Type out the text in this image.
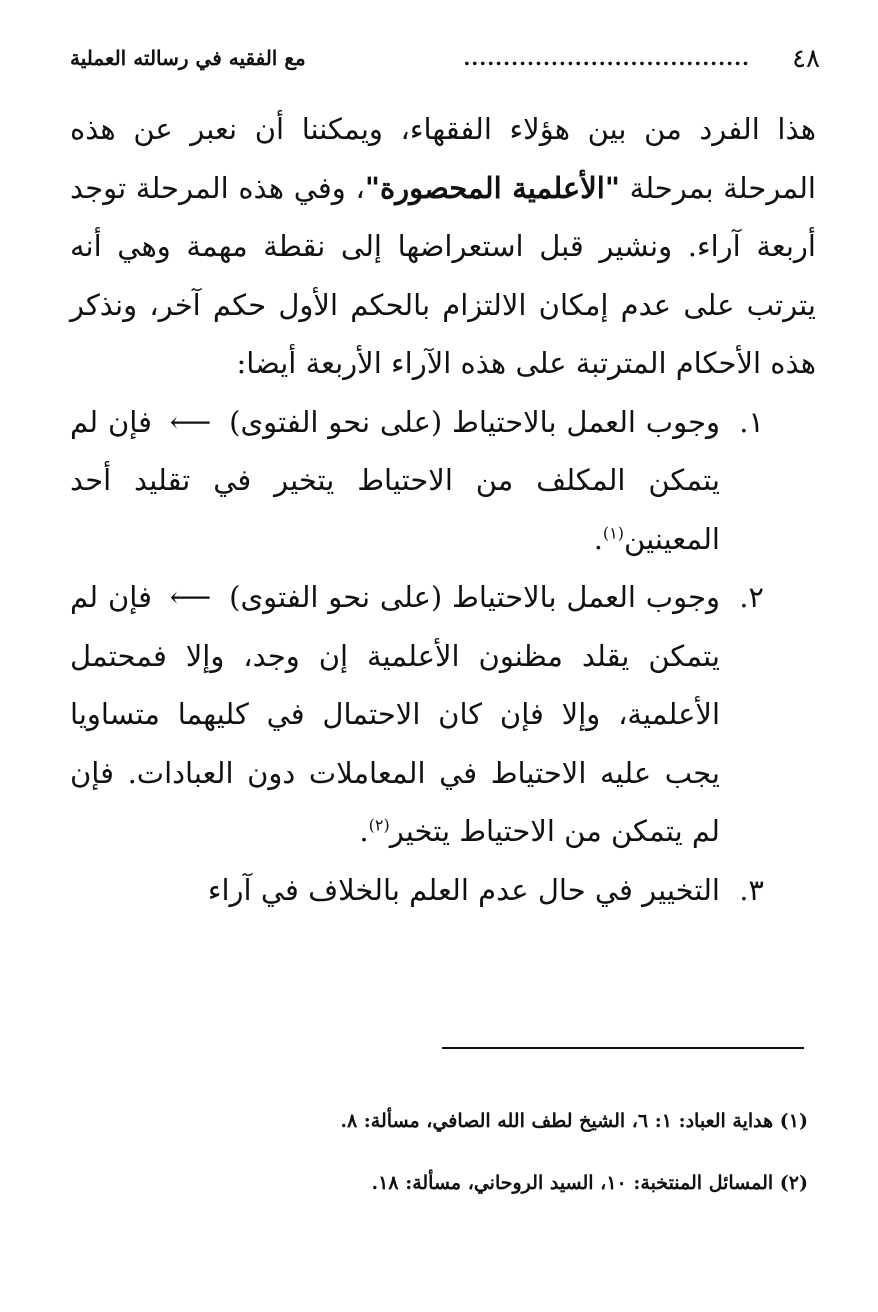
٤٨
....................................
مع الفقيه في رسالته العملية

هذا الفرد من بين هؤلاء الفقهاء، ويمكننا أن نعبر عن هذه المرحلة بمرحلة "الأعلمية المحصورة"، وفي هذه المرحلة توجد أربعة آراء. ونشير قبل استعراضها إلى نقطة مهمة وهي أنه يترتب على عدم إمكان الالتزام بالحكم الأول حكم آخر، ونذكر هذه الأحكام المترتبة على هذه الآراء الأربعة أيضا:

١.
وجوب العمل بالاحتياط (على نحو الفتوى) ⟵ فإن لم يتمكن المكلف من الاحتياط يتخير في تقليد أحد المعينين$^{(١)}$.

٢.
وجوب العمل بالاحتياط (على نحو الفتوى) ⟵ فإن لم يتمكن يقلد مظنون الأعلمية إن وجد، وإلا فمحتمل الأعلمية، وإلا فإن كان الاحتمال في كليهما متساويا يجب عليه الاحتياط في المعاملات دون العبادات. فإن لم يتمكن من الاحتياط يتخير$^{(٢)}$.

٣.
التخيير في حال عدم العلم بالخلاف في آراء

(١) هداية العباد: ١: ٦، الشيخ لطف الله الصافي، مسألة: ٨.

(٢) المسائل المنتخبة: ١٠، السيد الروحاني، مسألة: ١٨.
